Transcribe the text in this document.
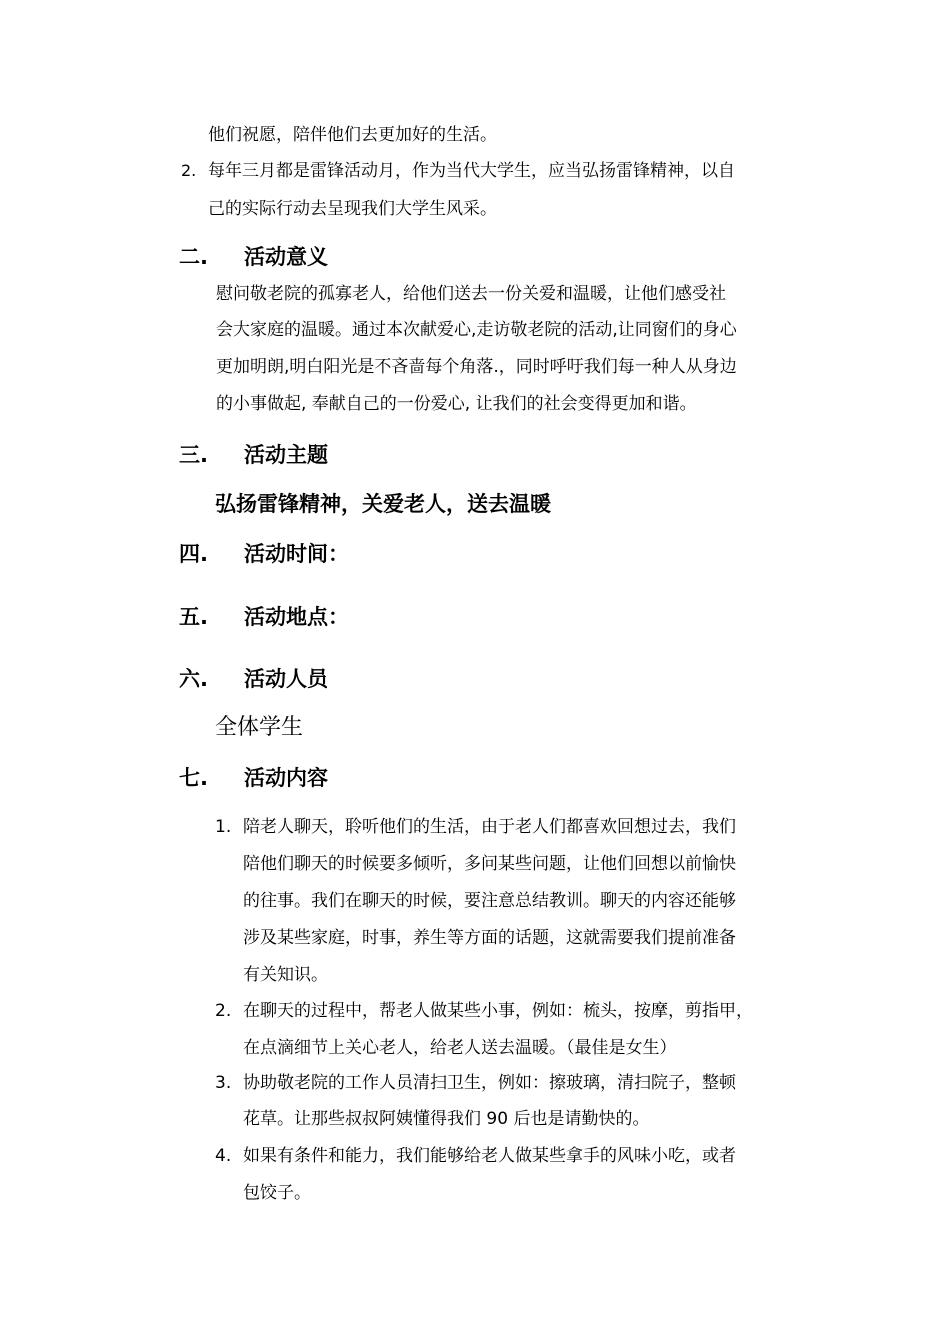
他们祝愿，陪伴他们去更加好的生活。
2. 每年三月都是雷锋活动月，作为当代大学生，应当弘扬雷锋精神，以自
己的实际行动去呈现我们大学生风采。
二. 活动意义
慰问敬老院的孤寡老人，给他们送去一份关爱和温暖，让他们感受社
会大家庭的温暖。通过本次献爱心,走访敬老院的活动,让同窗们的身心
更加明朗,明白阳光是不吝啬每个角落.，同时呼吁我们每一种人从身边
的小事做起, 奉献自己的一份爱心, 让我们的社会变得更加和谐。
三. 活动主题
弘扬雷锋精神，关爱老人，送去温暖
四. 活动时间：
五. 活动地点：
六. 活动人员
全体学生
七. 活动内容
1. 陪老人聊天，聆听他们的生活，由于老人们都喜欢回想过去，我们
陪他们聊天的时候要多倾听，多问某些问题，让他们回想以前愉快
的往事。我们在聊天的时候，要注意总结教训。聊天的内容还能够
涉及某些家庭，时事，养生等方面的话题，这就需要我们提前准备
有关知识。
2. 在聊天的过程中，帮老人做某些小事，例如：梳头，按摩，剪指甲，
在点滴细节上关心老人，给老人送去温暖。（最佳是女生）
3. 协助敬老院的工作人员清扫卫生，例如：擦玻璃，清扫院子，整顿
花草。让那些叔叔阿姨懂得我们 90 后也是请勤快的。
4. 如果有条件和能力，我们能够给老人做某些拿手的风味小吃，或者
包饺子。
